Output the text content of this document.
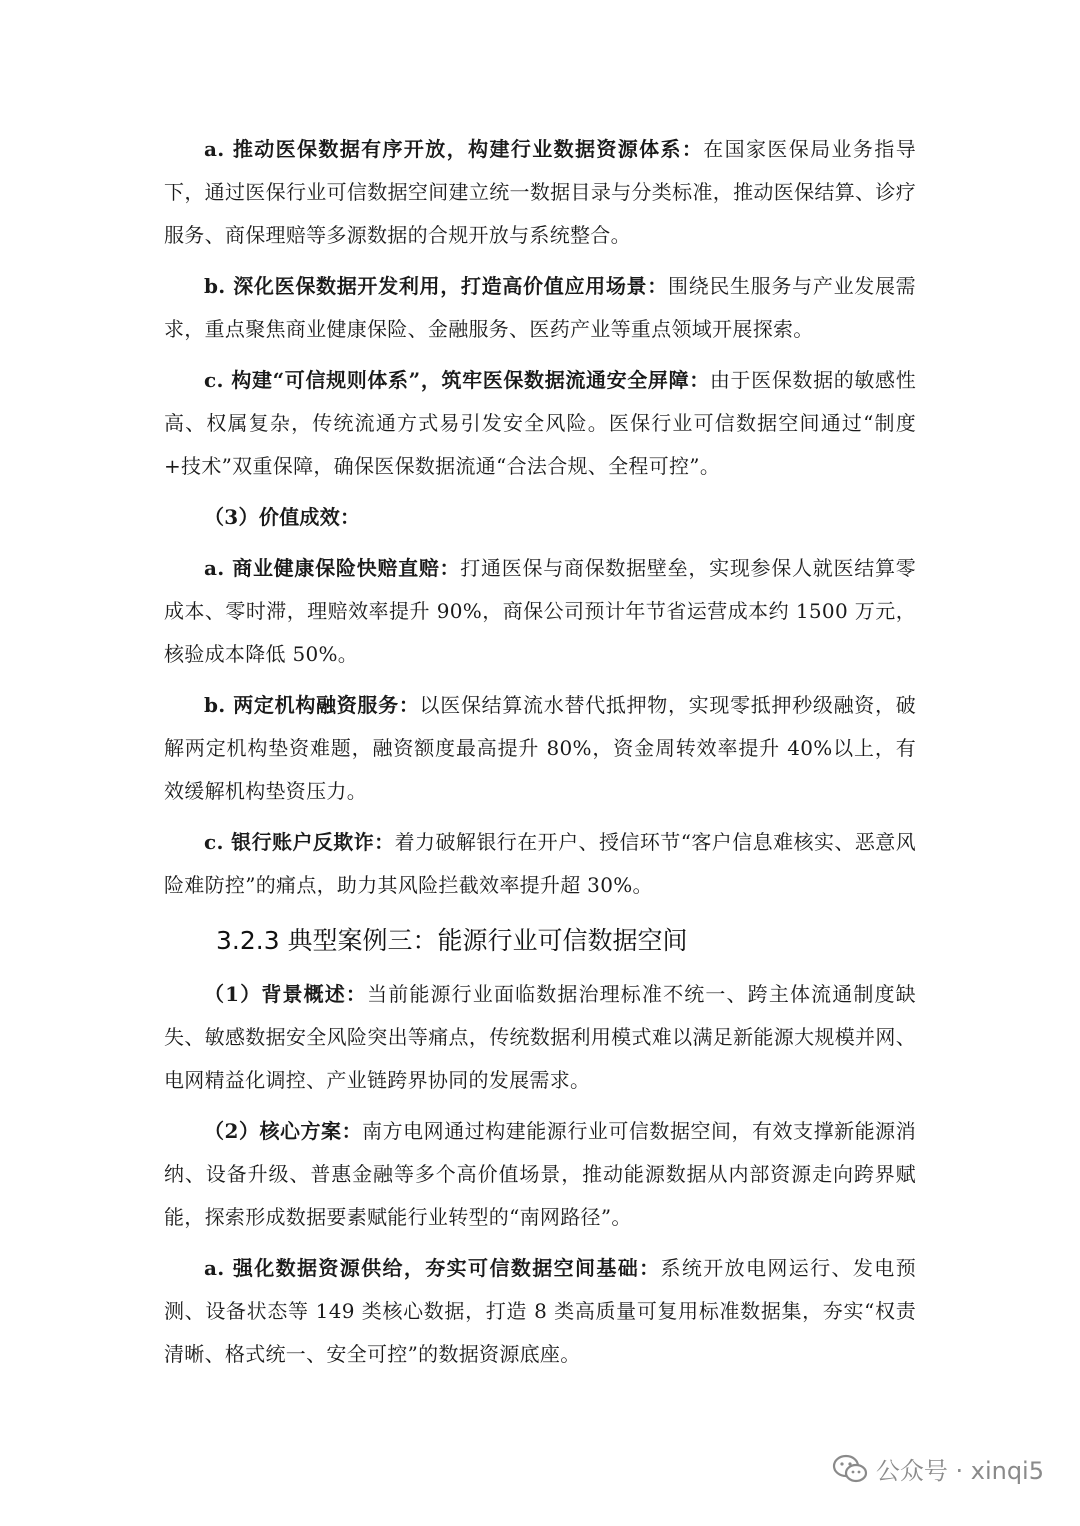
a. 推动医保数据有序开放，构建行业数据资源体系：在国家医保局业务指导下，通过医保行业可信数据空间建立统一数据目录与分类标准，推动医保结算、诊疗服务、商保理赔等多源数据的合规开放与系统整合。

b. 深化医保数据开发利用，打造高价值应用场景：围绕民生服务与产业发展需求，重点聚焦商业健康保险、金融服务、医药产业等重点领域开展探索。

c. 构建“可信规则体系”，筑牢医保数据流通安全屏障：由于医保数据的敏感性高、权属复杂，传统流通方式易引发安全风险。医保行业可信数据空间通过“制度+技术”双重保障，确保医保数据流通“合法合规、全程可控”。

（3）价值成效：

a. 商业健康保险快赔直赔：打通医保与商保数据壁垒，实现参保人就医结算零成本、零时滞，理赔效率提升 90%，商保公司预计年节省运营成本约 1500 万元，核验成本降低 50%。

b. 两定机构融资服务：以医保结算流水替代抵押物，实现零抵押秒级融资，破解两定机构垫资难题，融资额度最高提升 80%，资金周转效率提升 40%以上，有效缓解机构垫资压力。

c. 银行账户反欺诈：着力破解银行在开户、授信环节“客户信息难核实、恶意风险难防控”的痛点，助力其风险拦截效率提升超 30%。

3.2.3 典型案例三：能源行业可信数据空间

（1）背景概述：当前能源行业面临数据治理标准不统一、跨主体流通制度缺失、敏感数据安全风险突出等痛点，传统数据利用模式难以满足新能源大规模并网、电网精益化调控、产业链跨界协同的发展需求。

（2）核心方案：南方电网通过构建能源行业可信数据空间，有效支撑新能源消纳、设备升级、普惠金融等多个高价值场景，推动能源数据从内部资源走向跨界赋能，探索形成数据要素赋能行业转型的“南网路径”。

a. 强化数据资源供给，夯实可信数据空间基础：系统开放电网运行、发电预测、设备状态等 149 类核心数据，打造 8 类高质量可复用标准数据集，夯实“权责清晰、格式统一、安全可控”的数据资源底座。

公众号 · xinqi5
